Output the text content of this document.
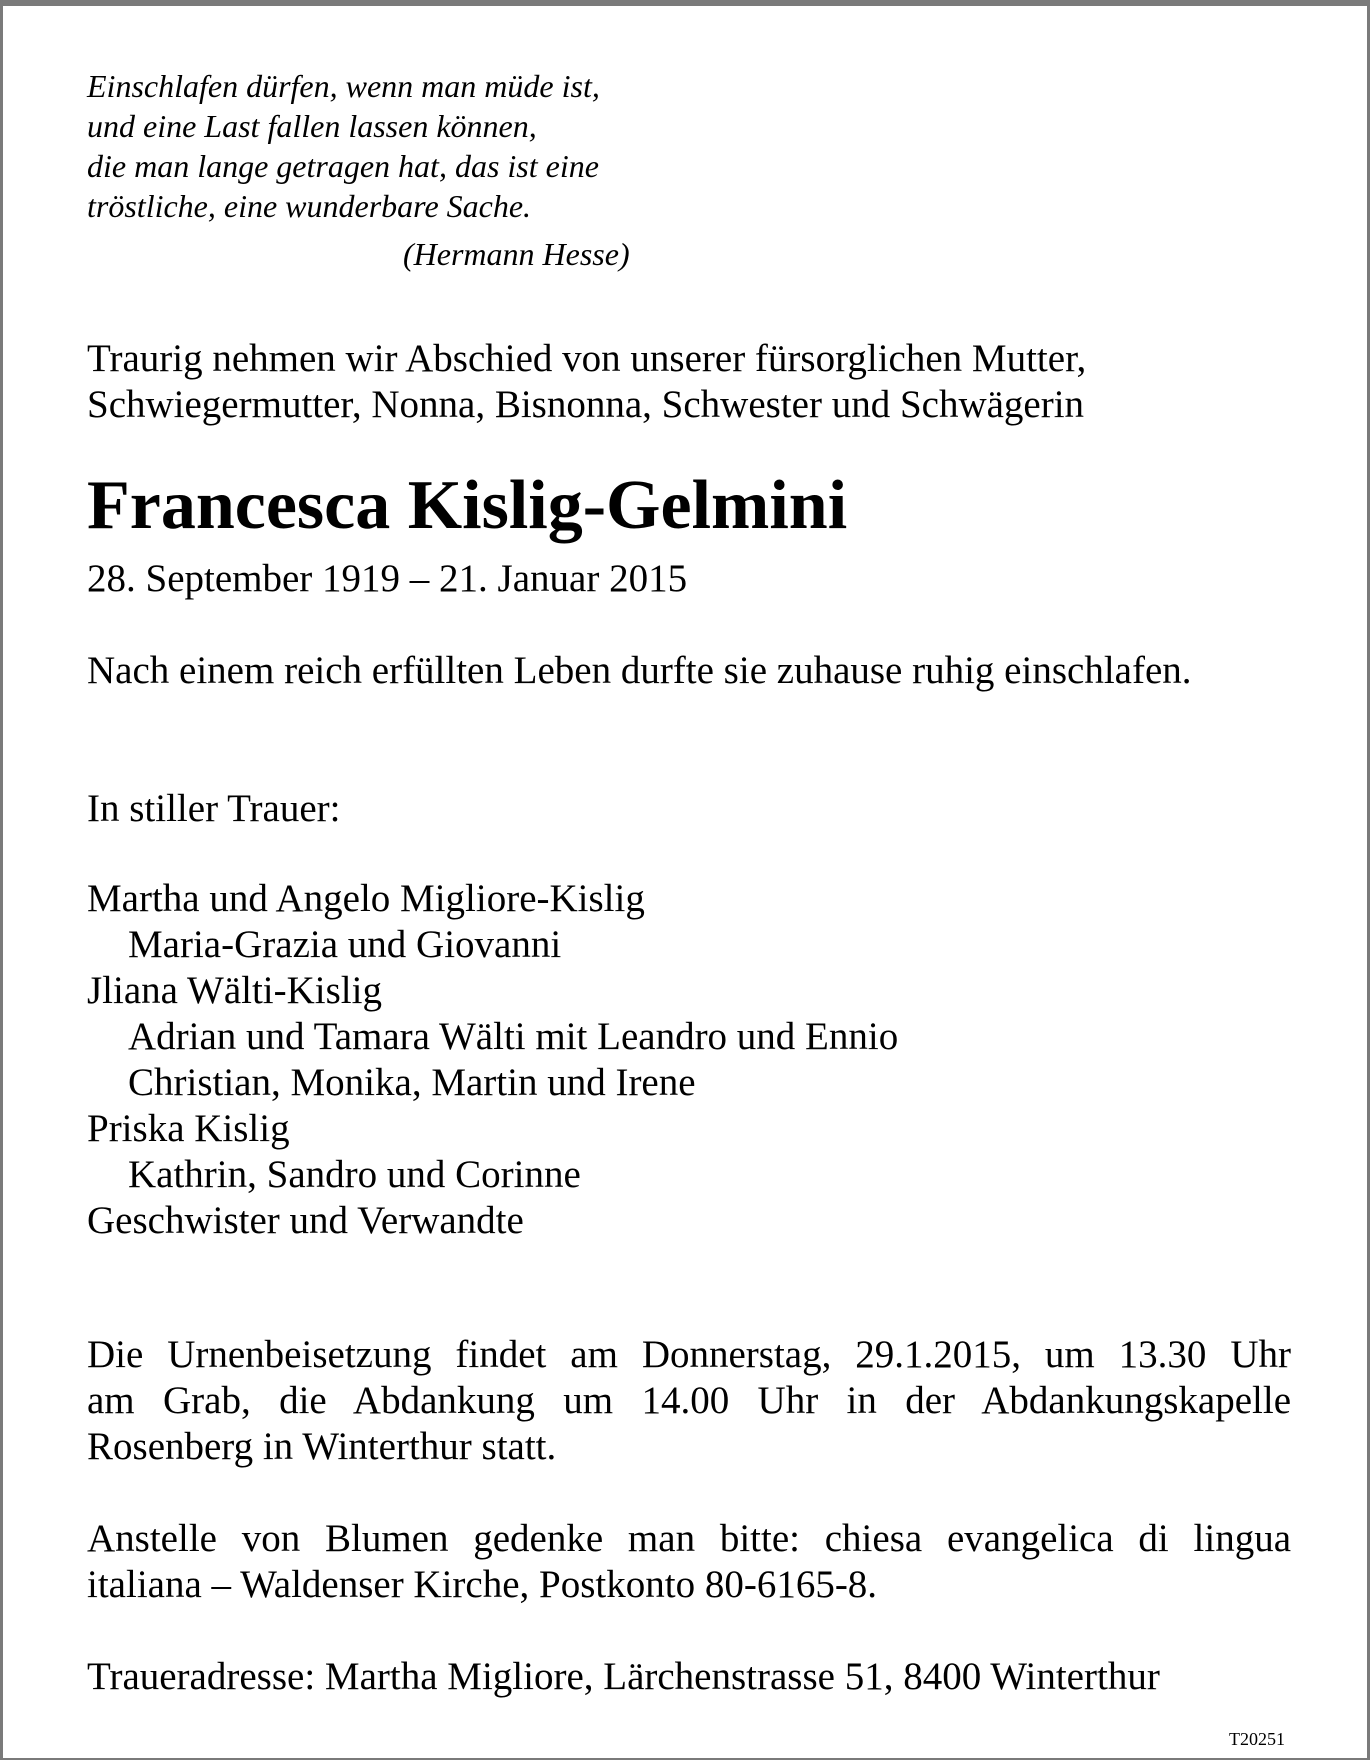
Einschlafen dürfen, wenn man müde ist,
und eine Last fallen lassen können,
die man lange getragen hat, das ist eine
tröstliche, eine wunderbare Sache.
(Hermann Hesse)
Traurig nehmen wir Abschied von unserer fürsorglichen Mutter,
Schwiegermutter, Nonna, Bisnonna, Schwester und Schwägerin
Francesca Kislig-Gelmini
28. September 1919 – 21. Januar 2015
Nach einem reich erfüllten Leben durfte sie zuhause ruhig einschlafen.
In stiller Trauer:
Martha und Angelo Migliore-Kislig
Maria-Grazia und Giovanni
Jliana Wälti-Kislig
Adrian und Tamara Wälti mit Leandro und Ennio
Christian, Monika, Martin und Irene
Priska Kislig
Kathrin, Sandro und Corinne
Geschwister und Verwandte
Die Urnenbeisetzung findet am Donnerstag, 29.1.2015, um 13.30 Uhr
am Grab, die Abdankung um 14.00 Uhr in der Abdankungskapelle
Rosenberg in Winterthur statt.
Anstelle von Blumen gedenke man bitte: chiesa evangelica di lingua
italiana – Waldenser Kirche, Postkonto 80-6165-8.
Traueradresse: Martha Migliore, Lärchenstrasse 51, 8400 Winterthur
T20251
